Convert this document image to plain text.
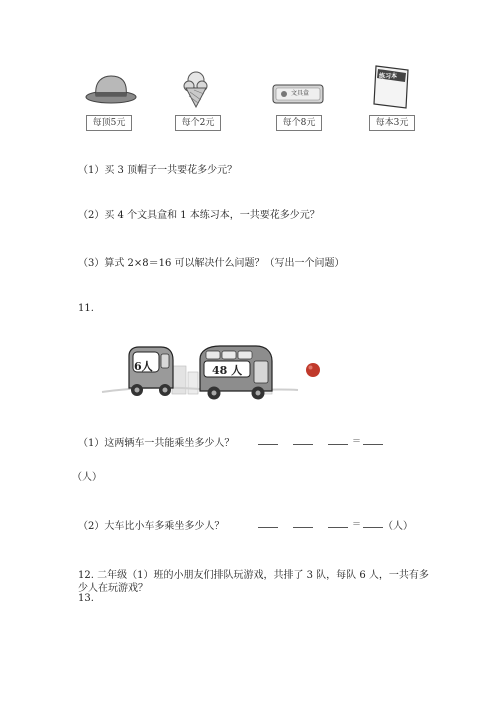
每顶5元	每个2元
文具盒
每个8元
练习本
每本3元
（1）买 3 顶帽子一共要花多少元？
（2）买 4 个文具盒和 1 本练习本，一共要花多少元？
（3）算式 2×8＝16 可以解决什么问题？（写出一个问题）
11.
6人	48 人
（1）这两辆车一共能乘坐多少人？	＝
（人）
（2）大车比小车多乘坐多少人？	＝ （人）
12. 二年级（1）班的小朋友们排队玩游戏，共排了 3 队，每队 6 人，一共有多
少人在玩游戏？
13.
